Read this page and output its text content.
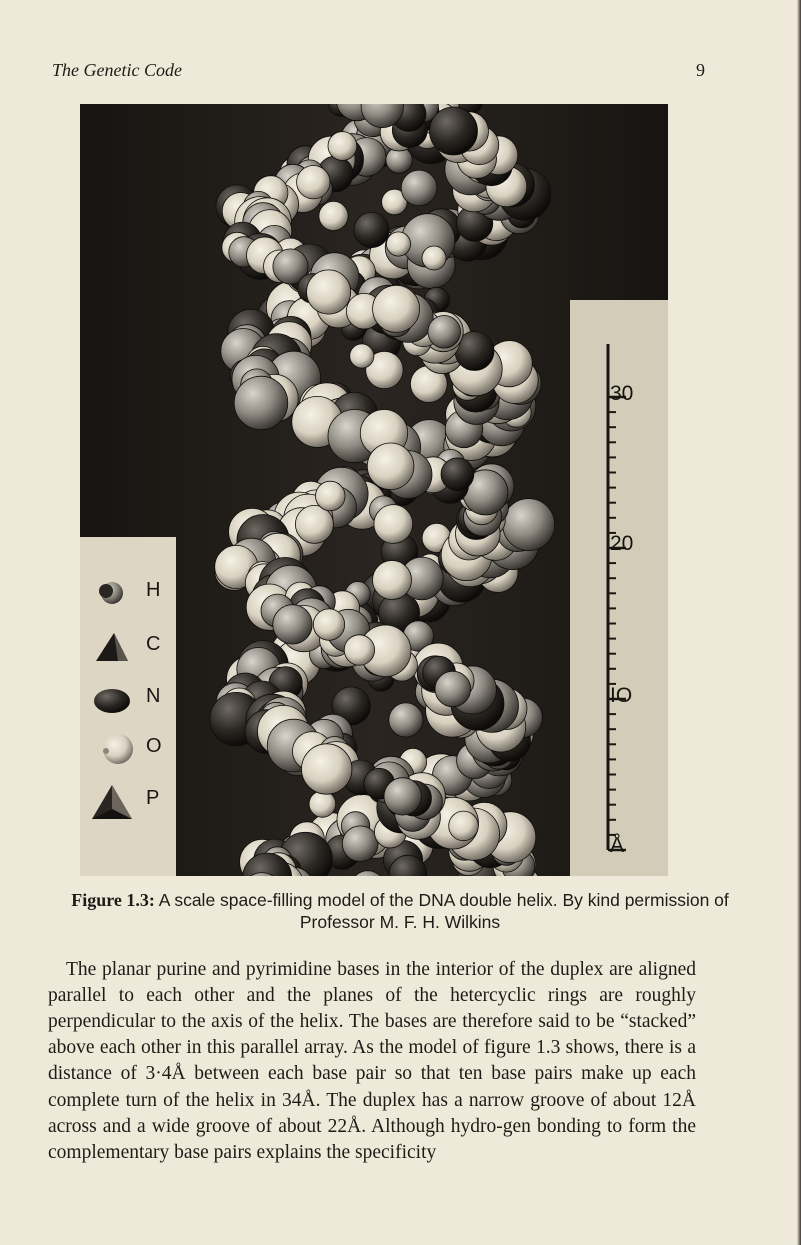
The Genetic Code	9
H
C
N
O
P
30
20
IO
Å
Figure 1.3: A scale space-filling model of the DNA double helix. By kind permission of Professor M. F. H. Wilkins

The planar purine and pyrimidine bases in the interior of the duplex are aligned parallel to each other and the planes of the hetercyclic rings are roughly perpendicular to the axis of the helix. The bases are therefore said to be “stacked” above each other in this parallel array. As the model of figure 1.3 shows, there is a distance of 3·4Å between each base pair so that ten base pairs make up each complete turn of the helix in 34Å. The duplex has a narrow groove of about 12Å across and a wide groove of about 22Å. Although hydro-gen bonding to form the complementary base pairs explains the specificity
